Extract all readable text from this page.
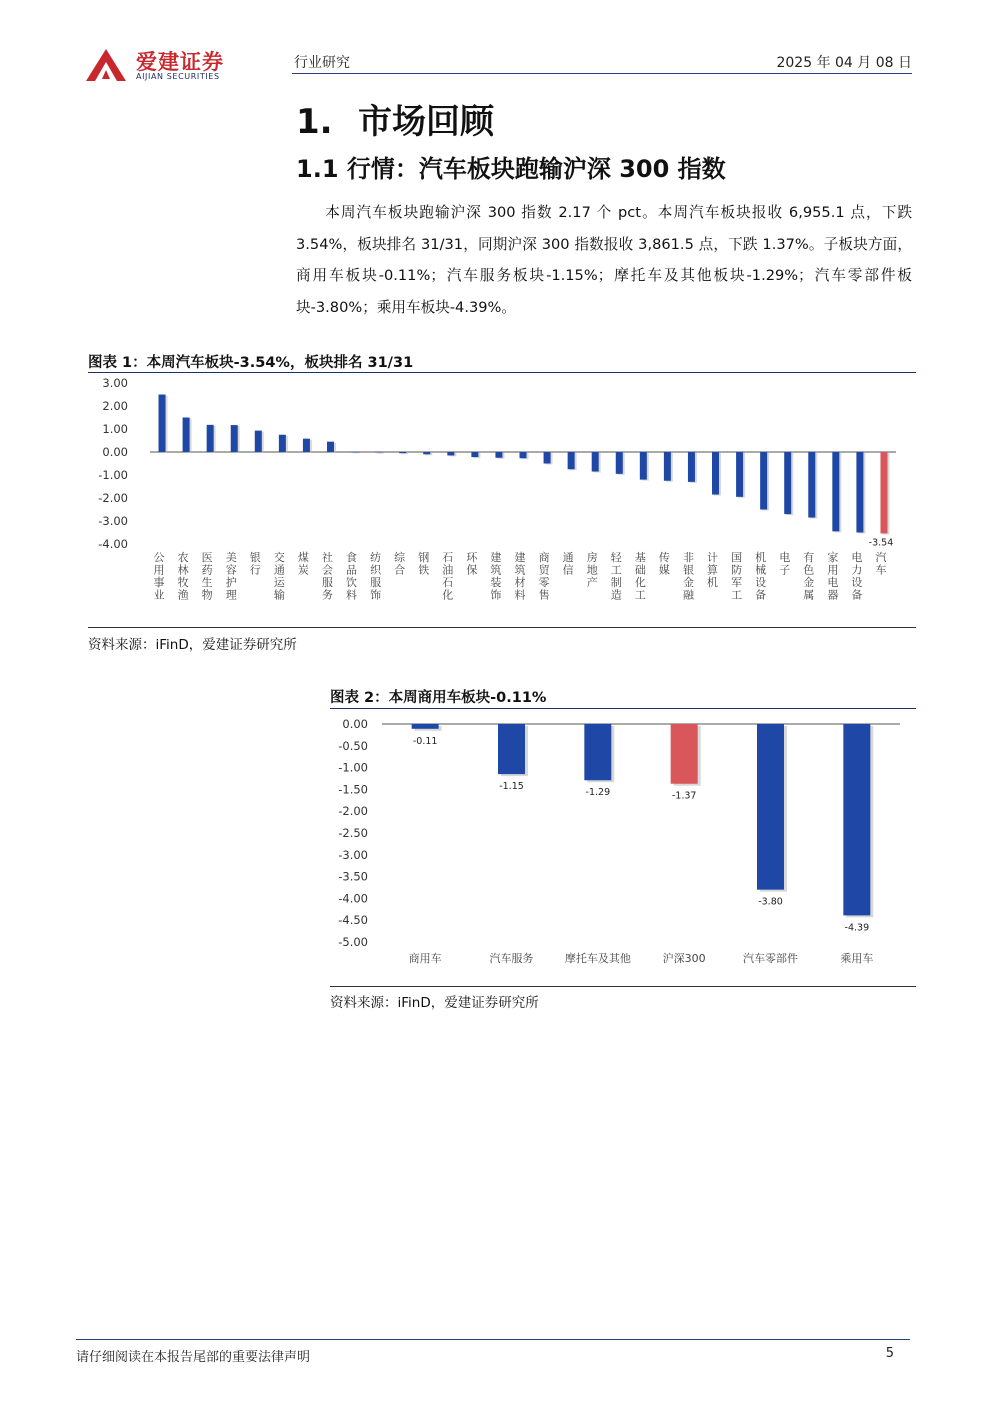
爱建证券
AIJIAN SECURITIES
行业研究	2025 年 04 月 08 日
1. 市场回顾
1.1 行情：汽车板块跑输沪深 300 指数
本周汽车板块跑输沪深 300 指数 2.17 个 pct。本周汽车板块报收 6,955.1 点，下跌 3.54%，板块排名 31/31，同期沪深 300 指数报收 3,861.5 点，下跌 1.37%。子板块方面，商用车板块-0.11%；汽车服务板块-1.15%；摩托车及其他板块-1.29%；汽车零部件板块-3.80%；乘用车板块-4.39%。
图表 1：本周汽车板块-3.54%，板块排名 31/31
3.00
2.00
1.00
0.00
-1.00
-2.00
-3.00
-4.00
公用事业
农林牧渔
医药生物
美容护理
银行
交通运输
煤炭
社会服务
食品饮料
纺织服饰
综合
钢铁
石油石化
环保
建筑装饰
建筑材料
商贸零售
通信
房地产
轻工制造
基础化工
传媒
非银金融
计算机
国防军工
机械设备
电子
有色金属
家用电器
电力设备
汽车
-3.54
资料来源：iFinD，爱建证券研究所
图表 2：本周商用车板块-0.11%
0.00
-0.50
-1.00
-1.50
-2.00
-2.50
-3.00
-3.50
-4.00
-4.50
-5.00
-0.11
商用车
-1.15
汽车服务
-1.29
摩托车及其他
-1.37
沪深300
-3.80
汽车零部件
-4.39
乘用车
资料来源：iFinD，爱建证券研究所
请仔细阅读在本报告尾部的重要法律声明	5
